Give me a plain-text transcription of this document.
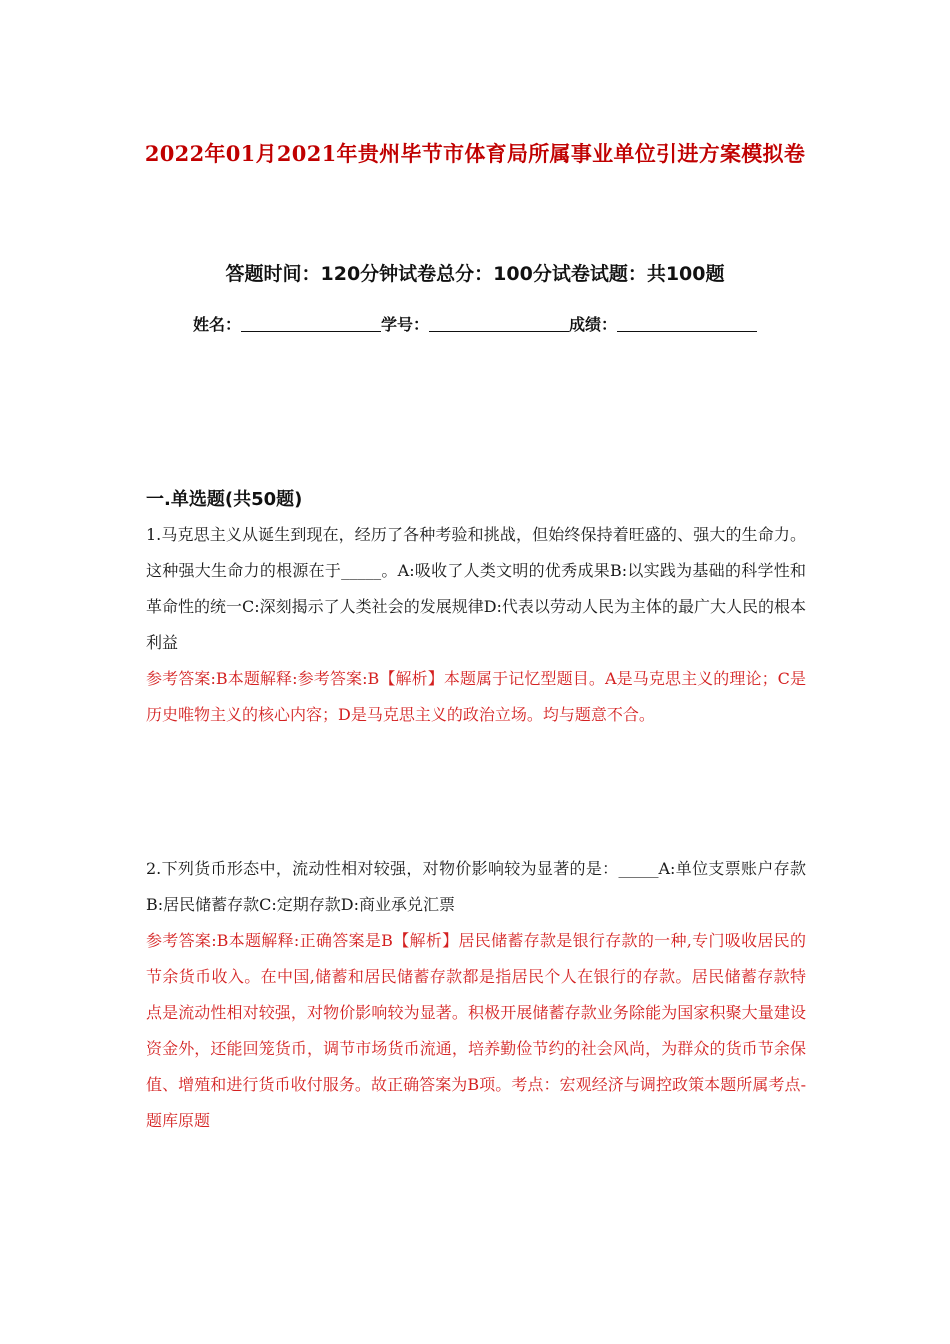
2022年01月2021年贵州毕节市体育局所属事业单位引进方案模拟卷
答题时间：120分钟试卷总分：100分试卷试题：共100题
姓名：	学号：	成绩：
一.单选题(共50题)

1.马克思主义从诞生到现在，经历了各种考验和挑战，但始终保持着旺盛的、强大的生命力。这种强大生命力的根源在于_____。A:吸收了人类文明的优秀成果B:以实践为基础的科学性和革命性的统一C:深刻揭示了人类社会的发展规律D:代表以劳动人民为主体的最广大人民的根本利益

参考答案:B本题解释:参考答案:B【解析】本题属于记忆型题目。A是马克思主义的理论；C是历史唯物主义的核心内容；D是马克思主义的政治立场。均与题意不合。

2.下列货币形态中，流动性相对较强，对物价影响较为显著的是：_____A:单位支票账户存款B:居民储蓄存款C:定期存款D:商业承兑汇票

参考答案:B本题解释:正确答案是B【解析】居民储蓄存款是银行存款的一种,专门吸收居民的节余货币收入。在中国,储蓄和居民储蓄存款都是指居民个人在银行的存款。居民储蓄存款特点是流动性相对较强，对物价影响较为显著。积极开展储蓄存款业务除能为国家积聚大量建设资金外，还能回笼货币，调节市场货币流通，培养勤俭节约的社会风尚，为群众的货币节余保值、增殖和进行货币收付服务。故正确答案为B项。考点：宏观经济与调控政策本题所属考点-题库原题
